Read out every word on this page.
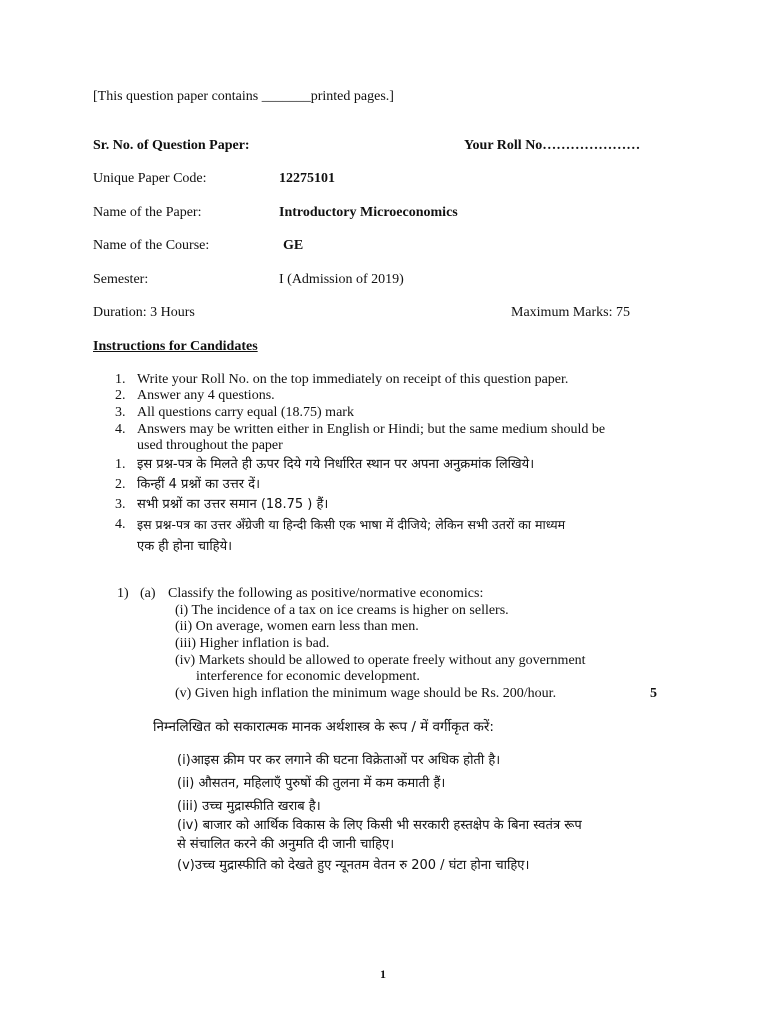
[This question paper contains _______printed pages.]
Sr. No. of Question Paper:	Your Roll No…………………
Unique Paper Code:	12275101
Name of the Paper:	Introductory Microeconomics
Name of the Course:	GE
Semester:	I (Admission of 2019)
Duration: 3 Hours	Maximum Marks: 75
Instructions for Candidates
1. Write your Roll No. on the top immediately on receipt of this question paper.
2. Answer any 4 questions.
3. All questions carry equal (18.75) mark
4. Answers may be written either in English or Hindi; but the same medium should be
used throughout the paper
1. इस प्रश्न-पत्र के मिलते ही ऊपर दिये गये निर्धारित स्थान पर अपना अनुक्रमांक लिखिये।
2. किन्हीं 4 प्रश्नों का उत्तर दें।
3. सभी प्रश्नों का उत्तर समान (18.75 ) हैं।
4. इस प्रश्न-पत्र का उत्तर अँग्रेजी या हिन्दी किसी एक भाषा में दीजिये; लेकिन सभी उतरों का माध्यम
एक ही होना चाहिये।
1) (a) Classify the following as positive/normative economics:
(i) The incidence of a tax on ice creams is higher on sellers.
(ii) On average, women earn less than men.
(iii) Higher inflation is bad.
(iv) Markets should be allowed to operate freely without any government
interference for economic development.
(v) Given high inflation the minimum wage should be Rs. 200/hour.	5
निम्नलिखित को सकारात्मक मानक अर्थशास्त्र के रूप / में वर्गीकृत करें:
(i)आइस क्रीम पर कर लगाने की घटना विक्रेताओं पर अधिक होती है।
(ii) औसतन, महिलाएँ पुरुषों की तुलना में कम कमाती हैं।
(iii) उच्च मुद्रास्फीति खराब है।
(iv) बाजार को आर्थिक विकास के लिए किसी भी सरकारी हस्तक्षेप के बिना स्वतंत्र रूप
से संचालित करने की अनुमति दी जानी चाहिए।
(v)उच्च मुद्रास्फीति को देखते हुए न्यूनतम वेतन रु 200 / घंटा होना चाहिए।
1
